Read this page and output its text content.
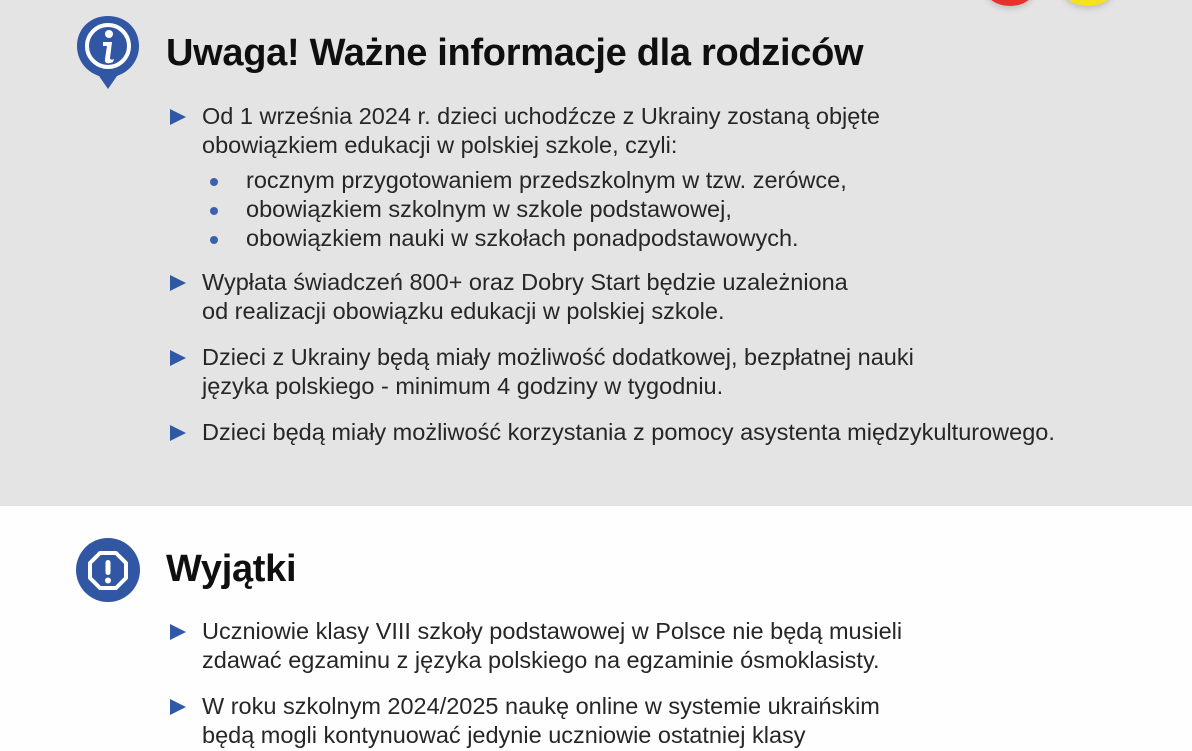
Uwaga! Ważne informacje dla rodziców
Od 1 września 2024 r. dzieci uchodźcze z Ukrainy zostaną objęte
obowiązkiem edukacji w polskiej szkole, czyli:
rocznym przygotowaniem przedszkolnym w tzw. zerówce,
obowiązkiem szkolnym w szkole podstawowej,
obowiązkiem nauki w szkołach ponadpodstawowych.
Wypłata świadczeń 800+ oraz Dobry Start będzie uzależniona
od realizacji obowiązku edukacji w polskiej szkole.
Dzieci z Ukrainy będą miały możliwość dodatkowej, bezpłatnej nauki
języka polskiego - minimum 4 godziny w tygodniu.
Dzieci będą miały możliwość korzystania z pomocy asystenta międzykulturowego.
Wyjątki
Uczniowie klasy VIII szkoły podstawowej w Polsce nie będą musieli
zdawać egzaminu z języka polskiego na egzaminie ósmoklasisty.
W roku szkolnym 2024/2025 naukę online w systemie ukraińskim
będą mogli kontynuować jedynie uczniowie ostatniej klasy
